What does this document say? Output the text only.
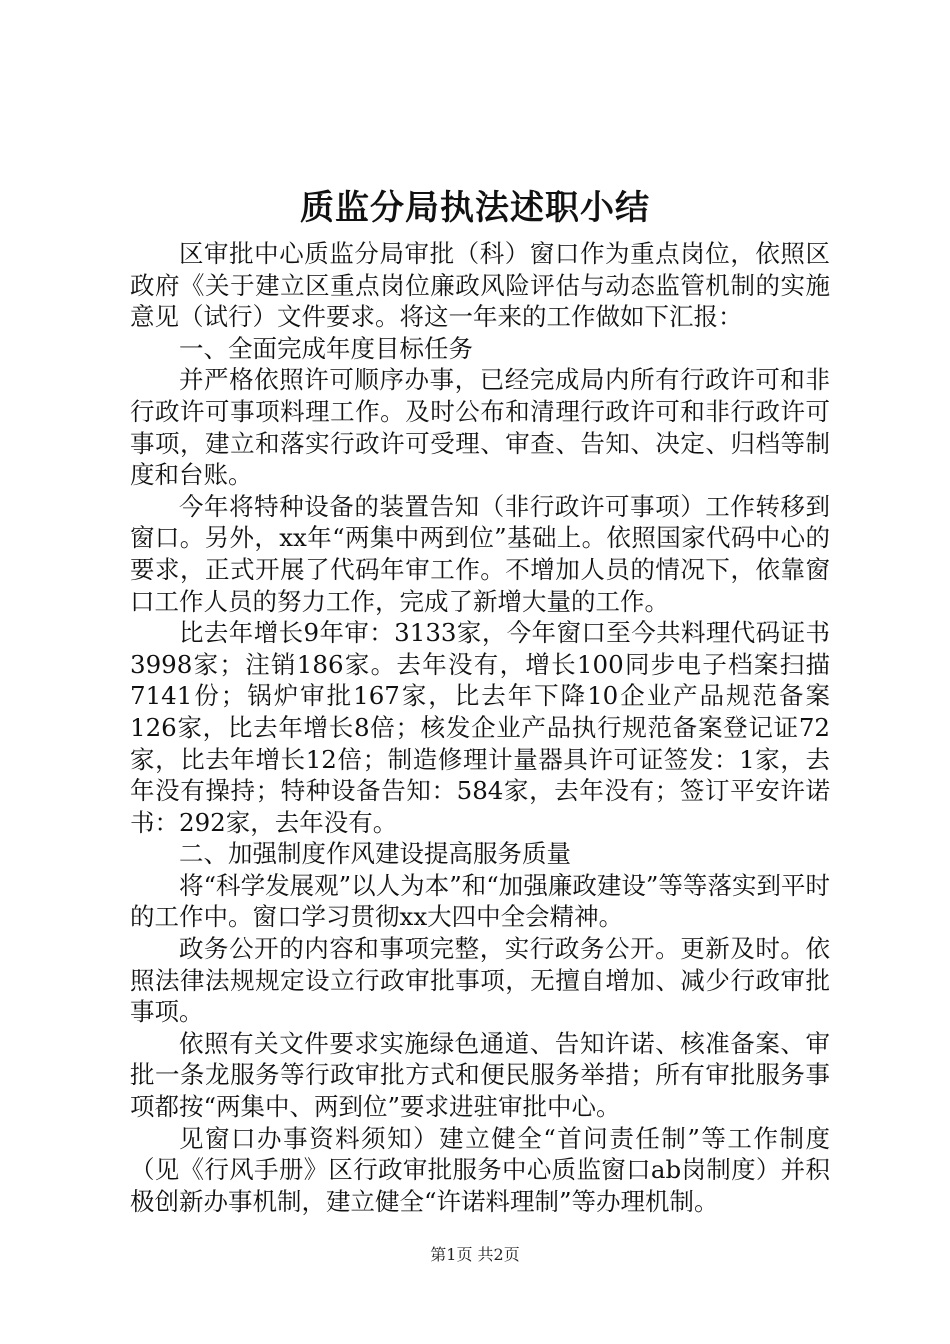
质监分局执法述职小结

区审批中心质监分局审批（科）窗口作为重点岗位，依照区政府《关于建立区重点岗位廉政风险评估与动态监管机制的实施意见（试行）文件要求。将这一年来的工作做如下汇报：

一、全面完成年度目标任务

并严格依照许可顺序办事，已经完成局内所有行政许可和非行政许可事项料理工作。及时公布和清理行政许可和非行政许可事项，建立和落实行政许可受理、审查、告知、决定、归档等制度和台账。

今年将特种设备的装置告知（非行政许可事项）工作转移到窗口。另外，xx年“两集中两到位”基础上。依照国家代码中心的要求，正式开展了代码年审工作。不增加人员的情况下，依靠窗口工作人员的努力工作，完成了新增大量的工作。

比去年增长9年审：3133家，今年窗口至今共料理代码证书3998家；注销186家。去年没有，增长100同步电子档案扫描7141份；锅炉审批167家，比去年下降10企业产品规范备案126家，比去年增长8倍；核发企业产品执行规范备案登记证72家，比去年增长12倍；制造修理计量器具许可证签发：1家，去年没有操持；特种设备告知：584家，去年没有；签订平安许诺书：292家，去年没有。

二、加强制度作风建设提高服务质量

将“科学发展观”以人为本”和“加强廉政建设”等等落实到平时的工作中。窗口学习贯彻xx大四中全会精神。

政务公开的内容和事项完整，实行政务公开。更新及时。依照法律法规规定设立行政审批事项，无擅自增加、减少行政审批事项。

依照有关文件要求实施绿色通道、告知许诺、核准备案、审批一条龙服务等行政审批方式和便民服务举措；所有审批服务事项都按“两集中、两到位”要求进驻审批中心。

见窗口办事资料须知）建立健全“首问责任制”等工作制度（见《行风手册》区行政审批服务中心质监窗口ab岗制度）并积极创新办事机制，建立健全“许诺料理制”等办理机制。

第1页 共2页
